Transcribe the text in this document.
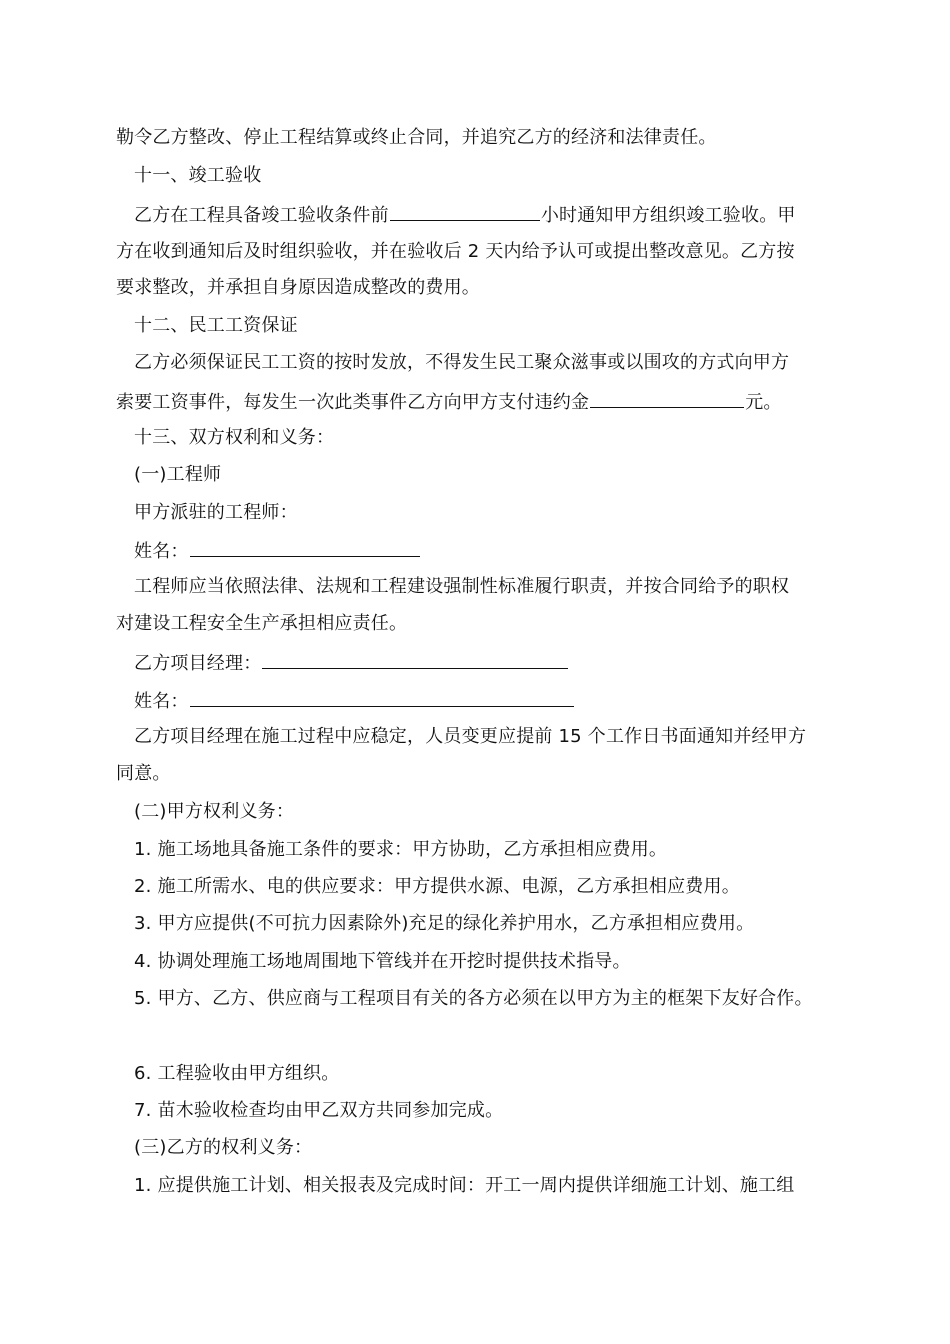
勒令乙方整改、停止工程结算或终止合同，并追究乙方的经济和法律责任。
十一、竣工验收
乙方在工程具备竣工验收条件前	小时通知甲方组织竣工验收。甲
方在收到通知后及时组织验收，并在验收后 2 天内给予认可或提出整改意见。乙方按
要求整改，并承担自身原因造成整改的费用。
十二、民工工资保证
乙方必须保证民工工资的按时发放，不得发生民工聚众滋事或以围攻的方式向甲方
索要工资事件，每发生一次此类事件乙方向甲方支付违约金	元。
十三、双方权利和义务：
(一)工程师
甲方派驻的工程师：
姓名：
工程师应当依照法律、法规和工程建设强制性标准履行职责，并按合同给予的职权
对建设工程安全生产承担相应责任。
乙方项目经理：
姓名：
乙方项目经理在施工过程中应稳定，人员变更应提前 15 个工作日书面通知并经甲方
同意。
(二)甲方权利义务：
1. 施工场地具备施工条件的要求：甲方协助，乙方承担相应费用。
2. 施工所需水、电的供应要求：甲方提供水源、电源，乙方承担相应费用。
3. 甲方应提供(不可抗力因素除外)充足的绿化养护用水，乙方承担相应费用。
4. 协调处理施工场地周围地下管线并在开挖时提供技术指导。
5. 甲方、乙方、供应商与工程项目有关的各方必须在以甲方为主的框架下友好合作。
6. 工程验收由甲方组织。
7. 苗木验收检查均由甲乙双方共同参加完成。
(三)乙方的权利义务：
1. 应提供施工计划、相关报表及完成时间：开工一周内提供详细施工计划、施工组
